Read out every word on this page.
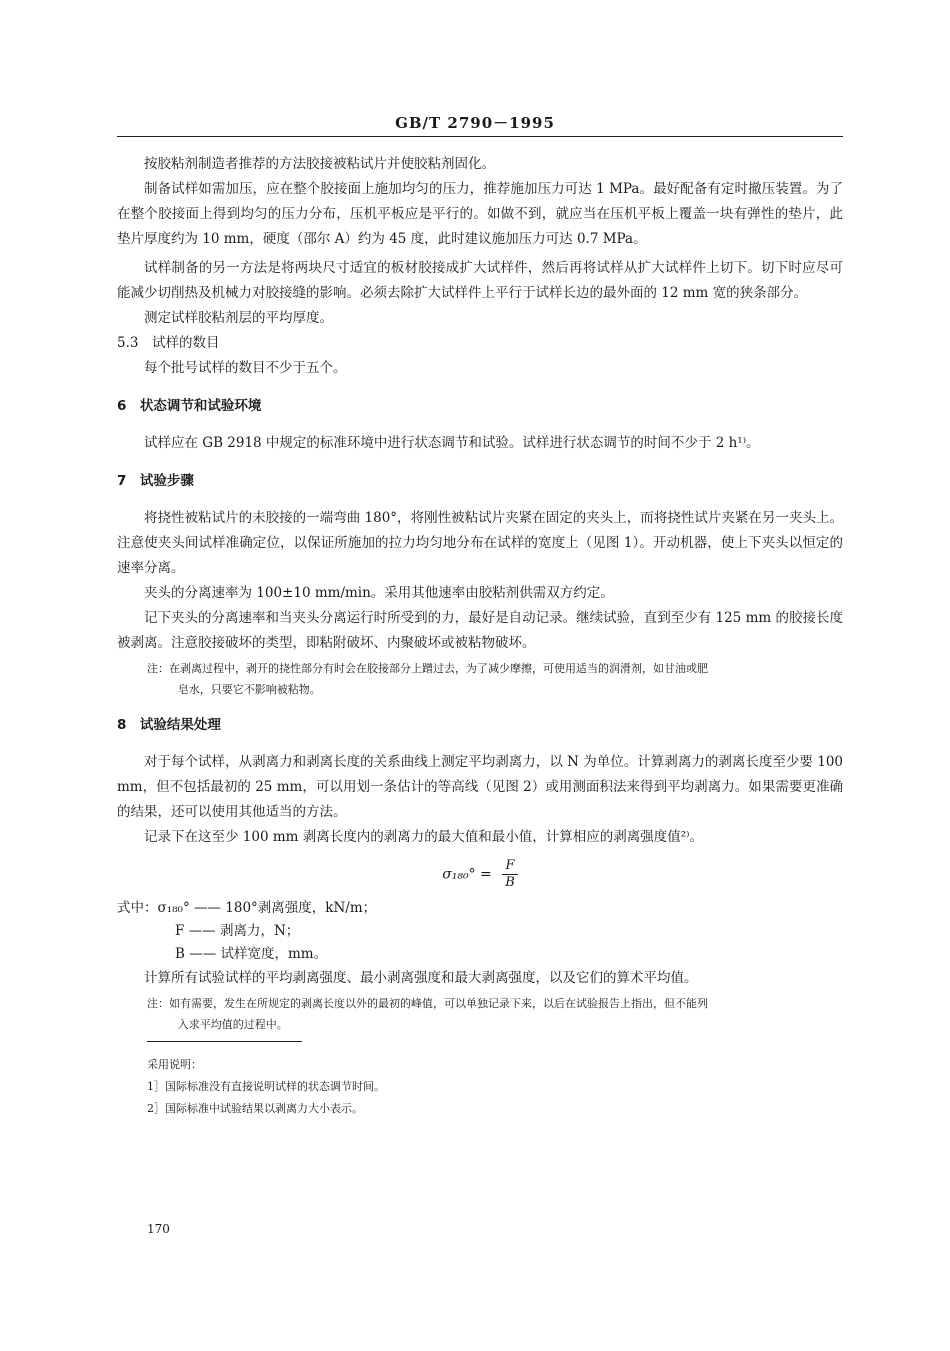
GB/T 2790－1995

按胶粘剂制造者推荐的方法胶接被粘试片并使胶粘剂固化。

制备试样如需加压，应在整个胶接面上施加均匀的压力，推荐施加压力可达 1 MPa。最好配备有定时撤压装置。为了在整个胶接面上得到均匀的压力分布，压机平板应是平行的。如做不到，就应当在压机平板上覆盖一块有弹性的垫片，此垫片厚度约为 10 mm，硬度（邵尔 A）约为 45 度，此时建议施加压力可达 0.7 MPa。

试样制备的另一方法是将两块尺寸适宜的板材胶接成扩大试样件，然后再将试样从扩大试样件上切下。切下时应尽可能减少切削热及机械力对胶接缝的影响。必须去除扩大试样件上平行于试样长边的最外面的 12 mm 宽的狭条部分。

测定试样胶粘剂层的平均厚度。

5.3　试样的数目

每个批号试样的数目不少于五个。

6　状态调节和试验环境

试样应在 GB 2918 中规定的标准环境中进行状态调节和试验。试样进行状态调节的时间不少于 2 h¹⁾。

7　试验步骤

将挠性被粘试片的未胶接的一端弯曲 180°，将刚性被粘试片夹紧在固定的夹头上，而将挠性试片夹紧在另一夹头上。注意使夹头间试样准确定位，以保证所施加的拉力均匀地分布在试样的宽度上（见图 1）。开动机器，使上下夹头以恒定的速率分离。

夹头的分离速率为 100±10 mm/min。采用其他速率由胶粘剂供需双方约定。

记下夹头的分离速率和当夹头分离运行时所受到的力，最好是自动记录。继续试验，直到至少有 125 mm 的胶接长度被剥离。注意胶接破坏的类型，即粘附破坏、内聚破坏或被粘物破坏。

注：在剥离过程中，剥开的挠性部分有时会在胶接部分上蹭过去，为了减少摩擦，可使用适当的润滑剂，如甘油或肥
皂水，只要它不影响被粘物。

8　试验结果处理

对于每个试样，从剥离力和剥离长度的关系曲线上测定平均剥离力，以 N 为单位。计算剥离力的剥离长度至少要 100 mm，但不包括最初的 25 mm，可以用划一条估计的等高线（见图 2）或用测面积法来得到平均剥离力。如果需要更准确的结果，还可以使用其他适当的方法。

记录下在这至少 100 mm 剥离长度内的剥离力的最大值和最小值，计算相应的剥离强度值²⁾。

$\sigma_{180}^\circ = \frac{F}{B}$

式中：σ₁₈₀° —— 180°剥离强度，kN/m；

F —— 剥离力，N；

B —— 试样宽度，mm。

计算所有试验试样的平均剥离强度、最小剥离强度和最大剥离强度，以及它们的算术平均值。

注：如有需要，发生在所规定的剥离长度以外的最初的峰值，可以单独记录下来，以后在试验报告上指出，但不能列
入求平均值的过程中。

采用说明：

1］国际标准没有直接说明试样的状态调节时间。

2］国际标准中试验结果以剥离力大小表示。

170
